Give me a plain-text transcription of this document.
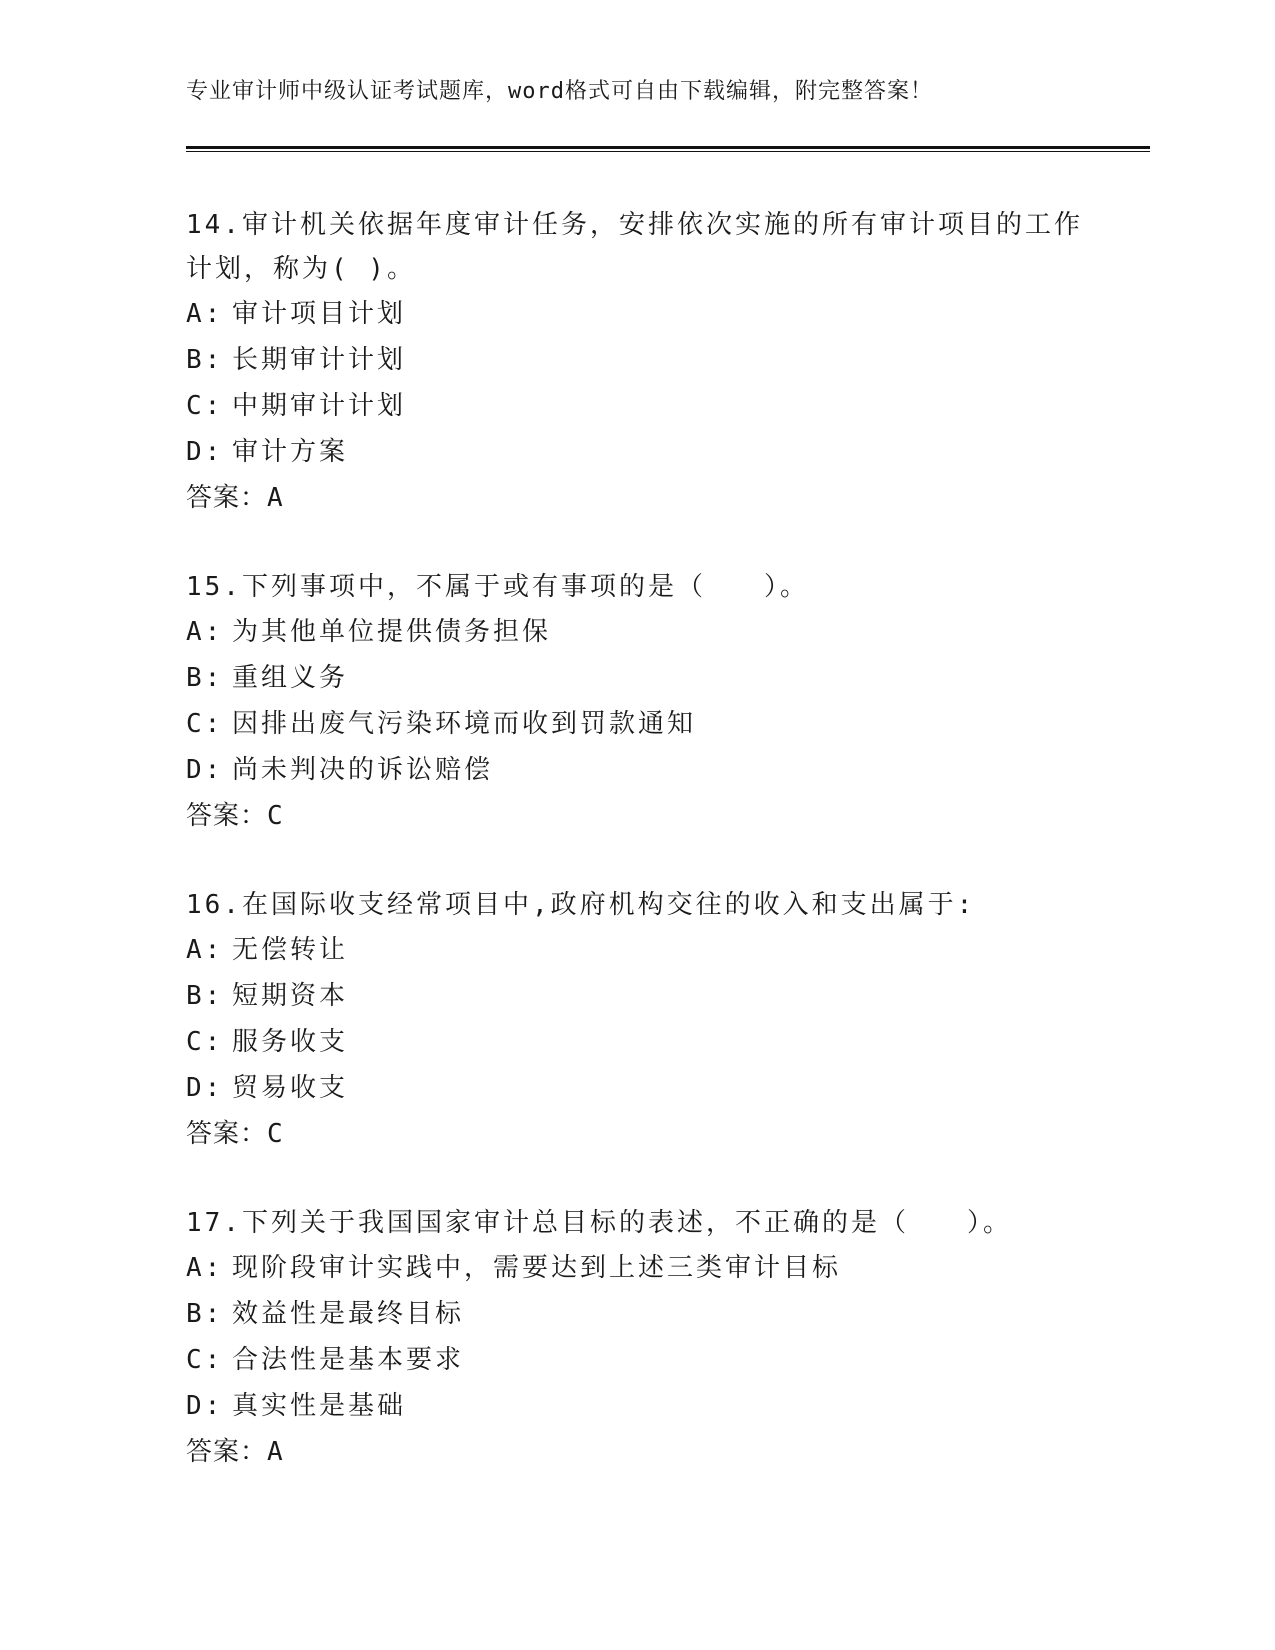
专业审计师中级认证考试题库，word格式可自由下载编辑，附完整答案！

14.审计机关依据年度审计任务，安排依次实施的所有审计项目的工作计划，称为( )。

A: 审计项目计划

B: 长期审计计划

C: 中期审计计划

D: 审计方案

答案：A

15.下列事项中，不属于或有事项的是（　　）。

A: 为其他单位提供债务担保

B: 重组义务

C: 因排出废气污染环境而收到罚款通知

D: 尚未判决的诉讼赔偿

答案：C

16.在国际收支经常项目中,政府机构交往的收入和支出属于:

A: 无偿转让

B: 短期资本

C: 服务收支

D: 贸易收支

答案：C

17.下列关于我国国家审计总目标的表述，不正确的是（　　）。

A: 现阶段审计实践中，需要达到上述三类审计目标

B: 效益性是最终目标

C: 合法性是基本要求

D: 真实性是基础

答案：A
